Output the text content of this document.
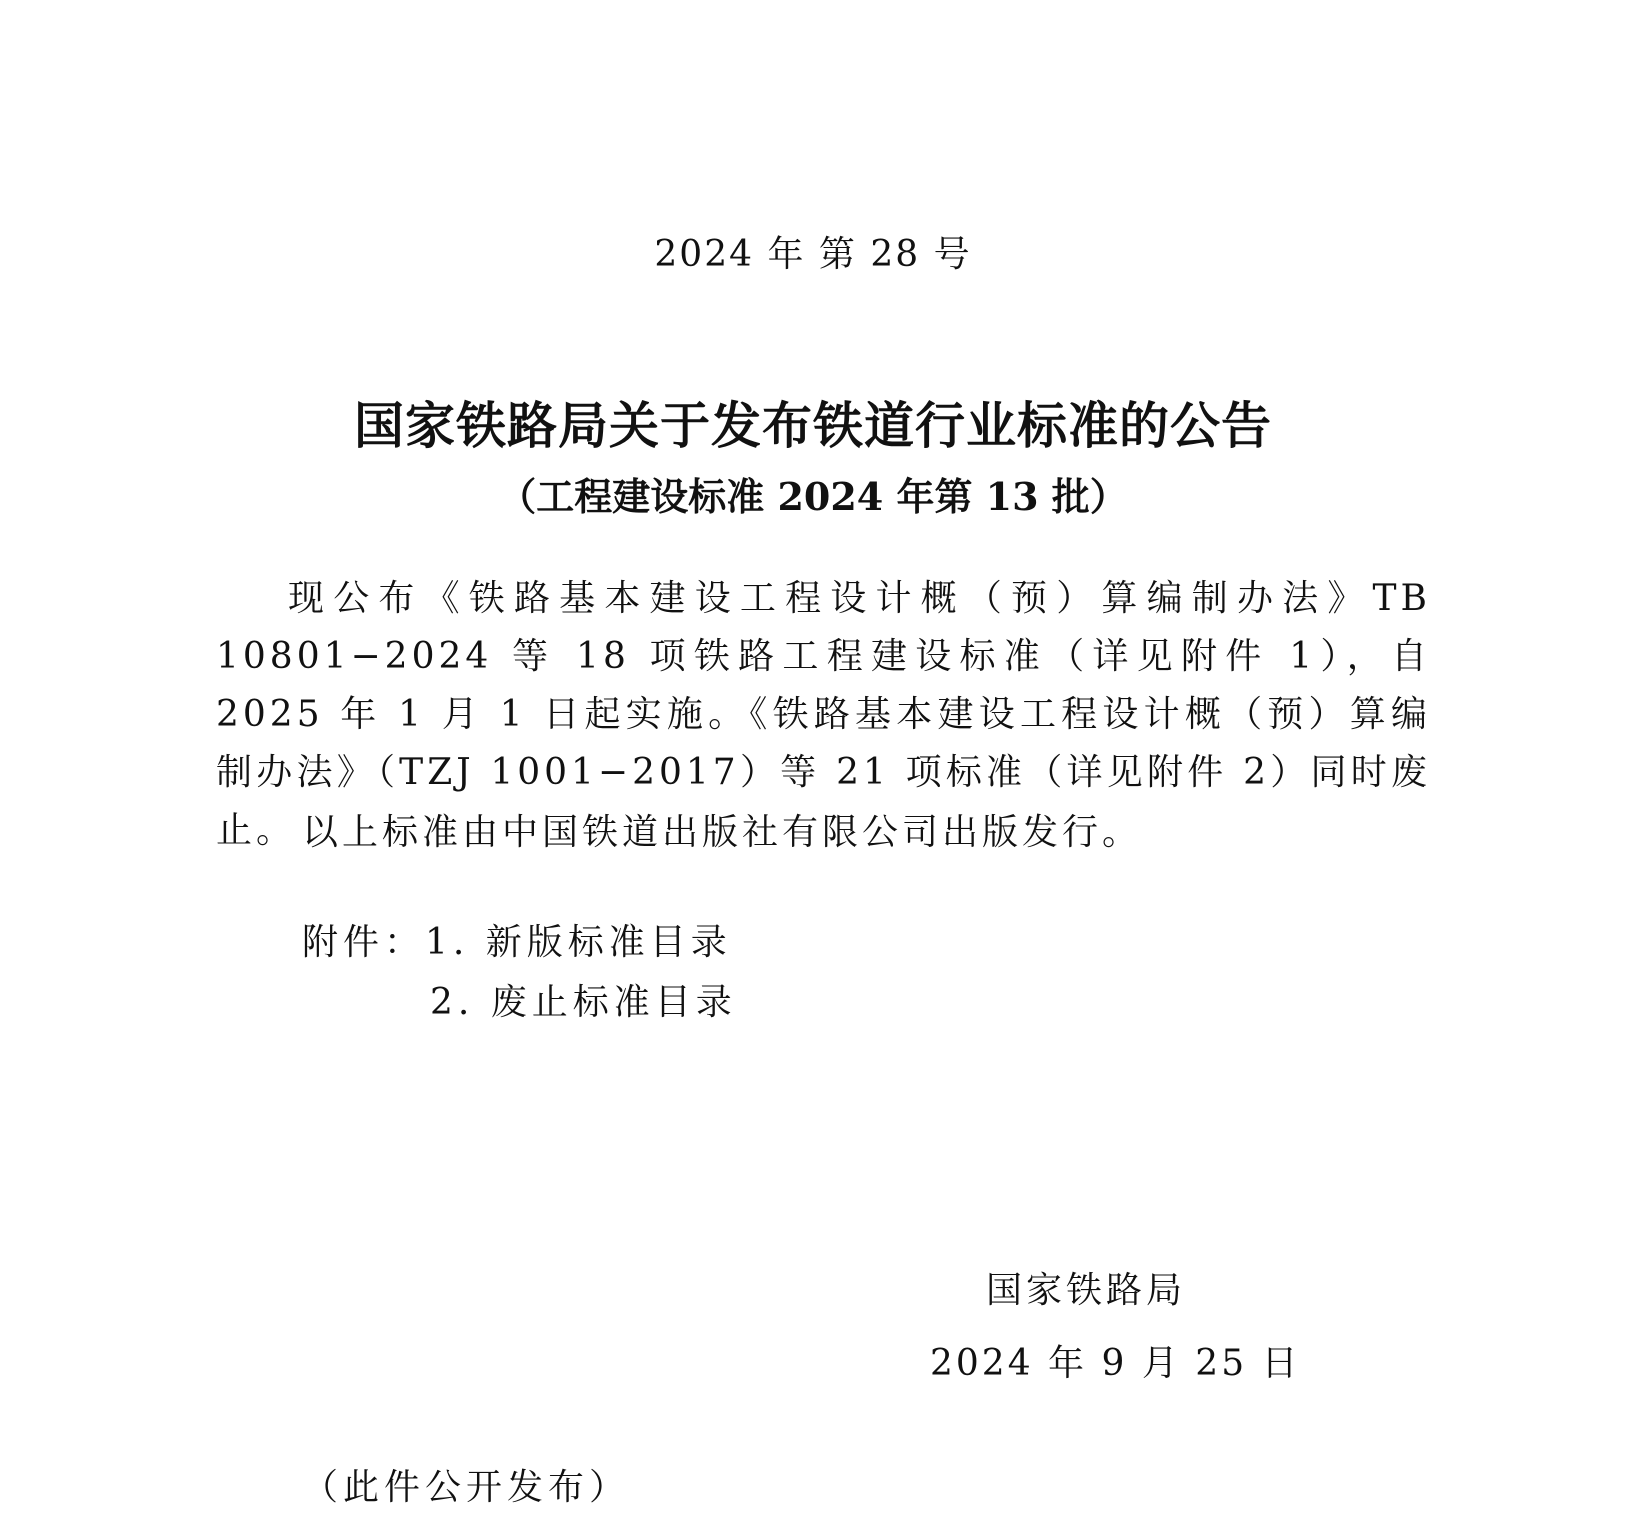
2024 年 第 28 号
国家铁路局关于发布铁道行业标准的公告
（工程建设标准 2024 年第 13 批）
现公布《铁路基本建设工程设计概（预）算编制办法》TB 10801−2024 等 18 项铁路工程建设标准（详见附件 1），自 2025 年 1 月 1 日起实施。《铁路基本建设工程设计概（预）算编制办法》（TZJ 1001−2017）等 21 项标准（详见附件 2）同时废止。 以上标准由中国铁道出版社有限公司出版发行。
附件：1. 新版标准目录
2. 废止标准目录
国家铁路局
2024 年 9 月 25 日
（此件公开发布）
